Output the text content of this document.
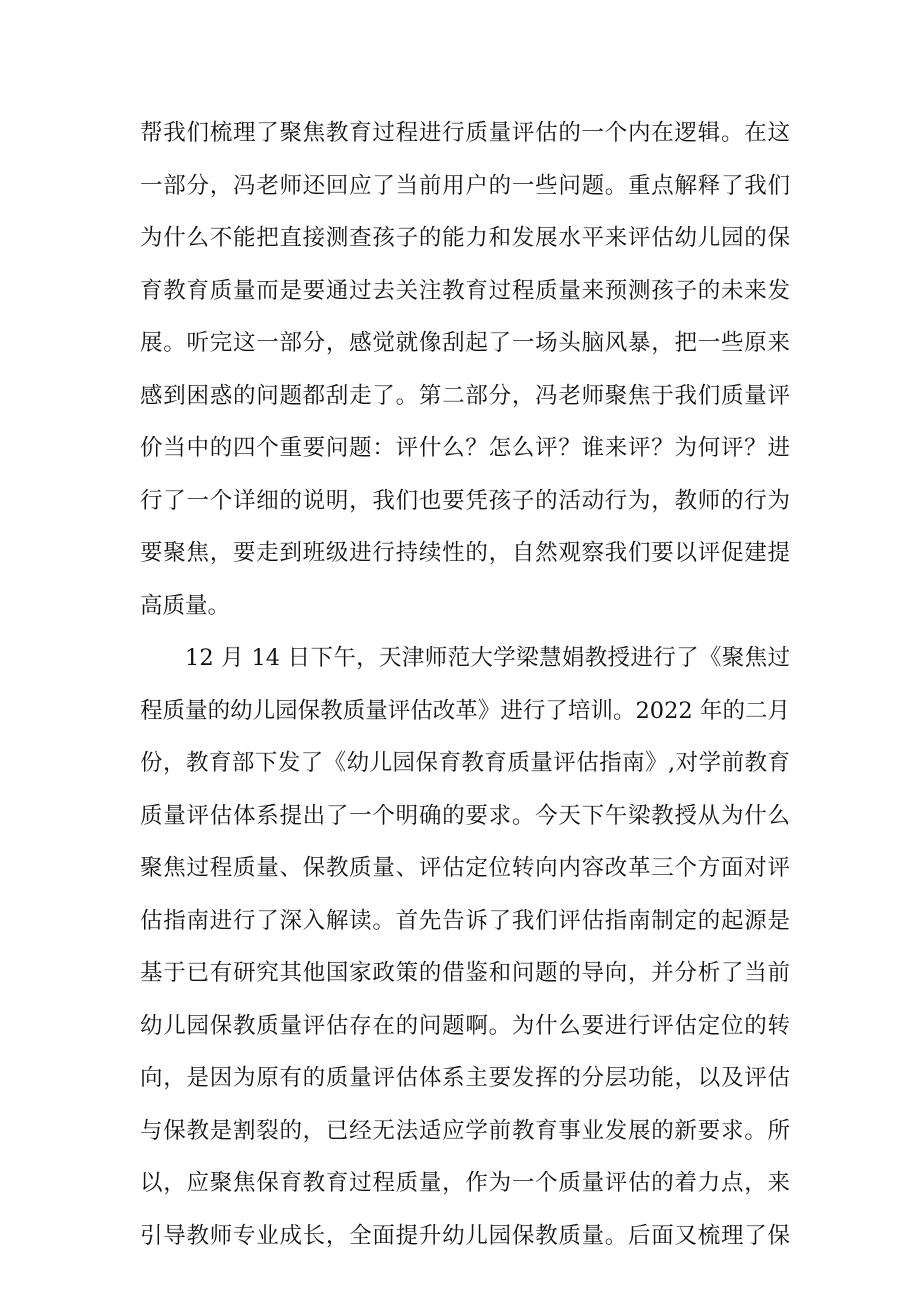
帮我们梳理了聚焦教育过程进行质量评估的一个内在逻辑。在这
一部分，冯老师还回应了当前用户的一些问题。重点解释了我们
为什么不能把直接测查孩子的能力和发展水平来评估幼儿园的保
育教育质量而是要通过去关注教育过程质量来预测孩子的未来发
展。听完这一部分，感觉就像刮起了一场头脑风暴，把一些原来
感到困惑的问题都刮走了。第二部分，冯老师聚焦于我们质量评
价当中的四个重要问题：评什么？怎么评？谁来评？为何评？进
行了一个详细的说明，我们也要凭孩子的活动行为，教师的行为
要聚焦，要走到班级进行持续性的，自然观察我们要以评促建提
高质量。
12 月 14 日下午，天津师范大学梁慧娟教授进行了《聚焦过
程质量的幼儿园保教质量评估改革》进行了培训。2022 年的二月
份，教育部下发了《幼儿园保育教育质量评估指南》,对学前教育
质量评估体系提出了一个明确的要求。今天下午梁教授从为什么
聚焦过程质量、保教质量、评估定位转向内容改革三个方面对评
估指南进行了深入解读。首先告诉了我们评估指南制定的起源是
基于已有研究其他国家政策的借鉴和问题的导向，并分析了当前
幼儿园保教质量评估存在的问题啊。为什么要进行评估定位的转
向，是因为原有的质量评估体系主要发挥的分层功能，以及评估
与保教是割裂的，已经无法适应学前教育事业发展的新要求。所
以，应聚焦保育教育过程质量，作为一个质量评估的着力点，来
引导教师专业成长，全面提升幼儿园保教质量。后面又梳理了保
